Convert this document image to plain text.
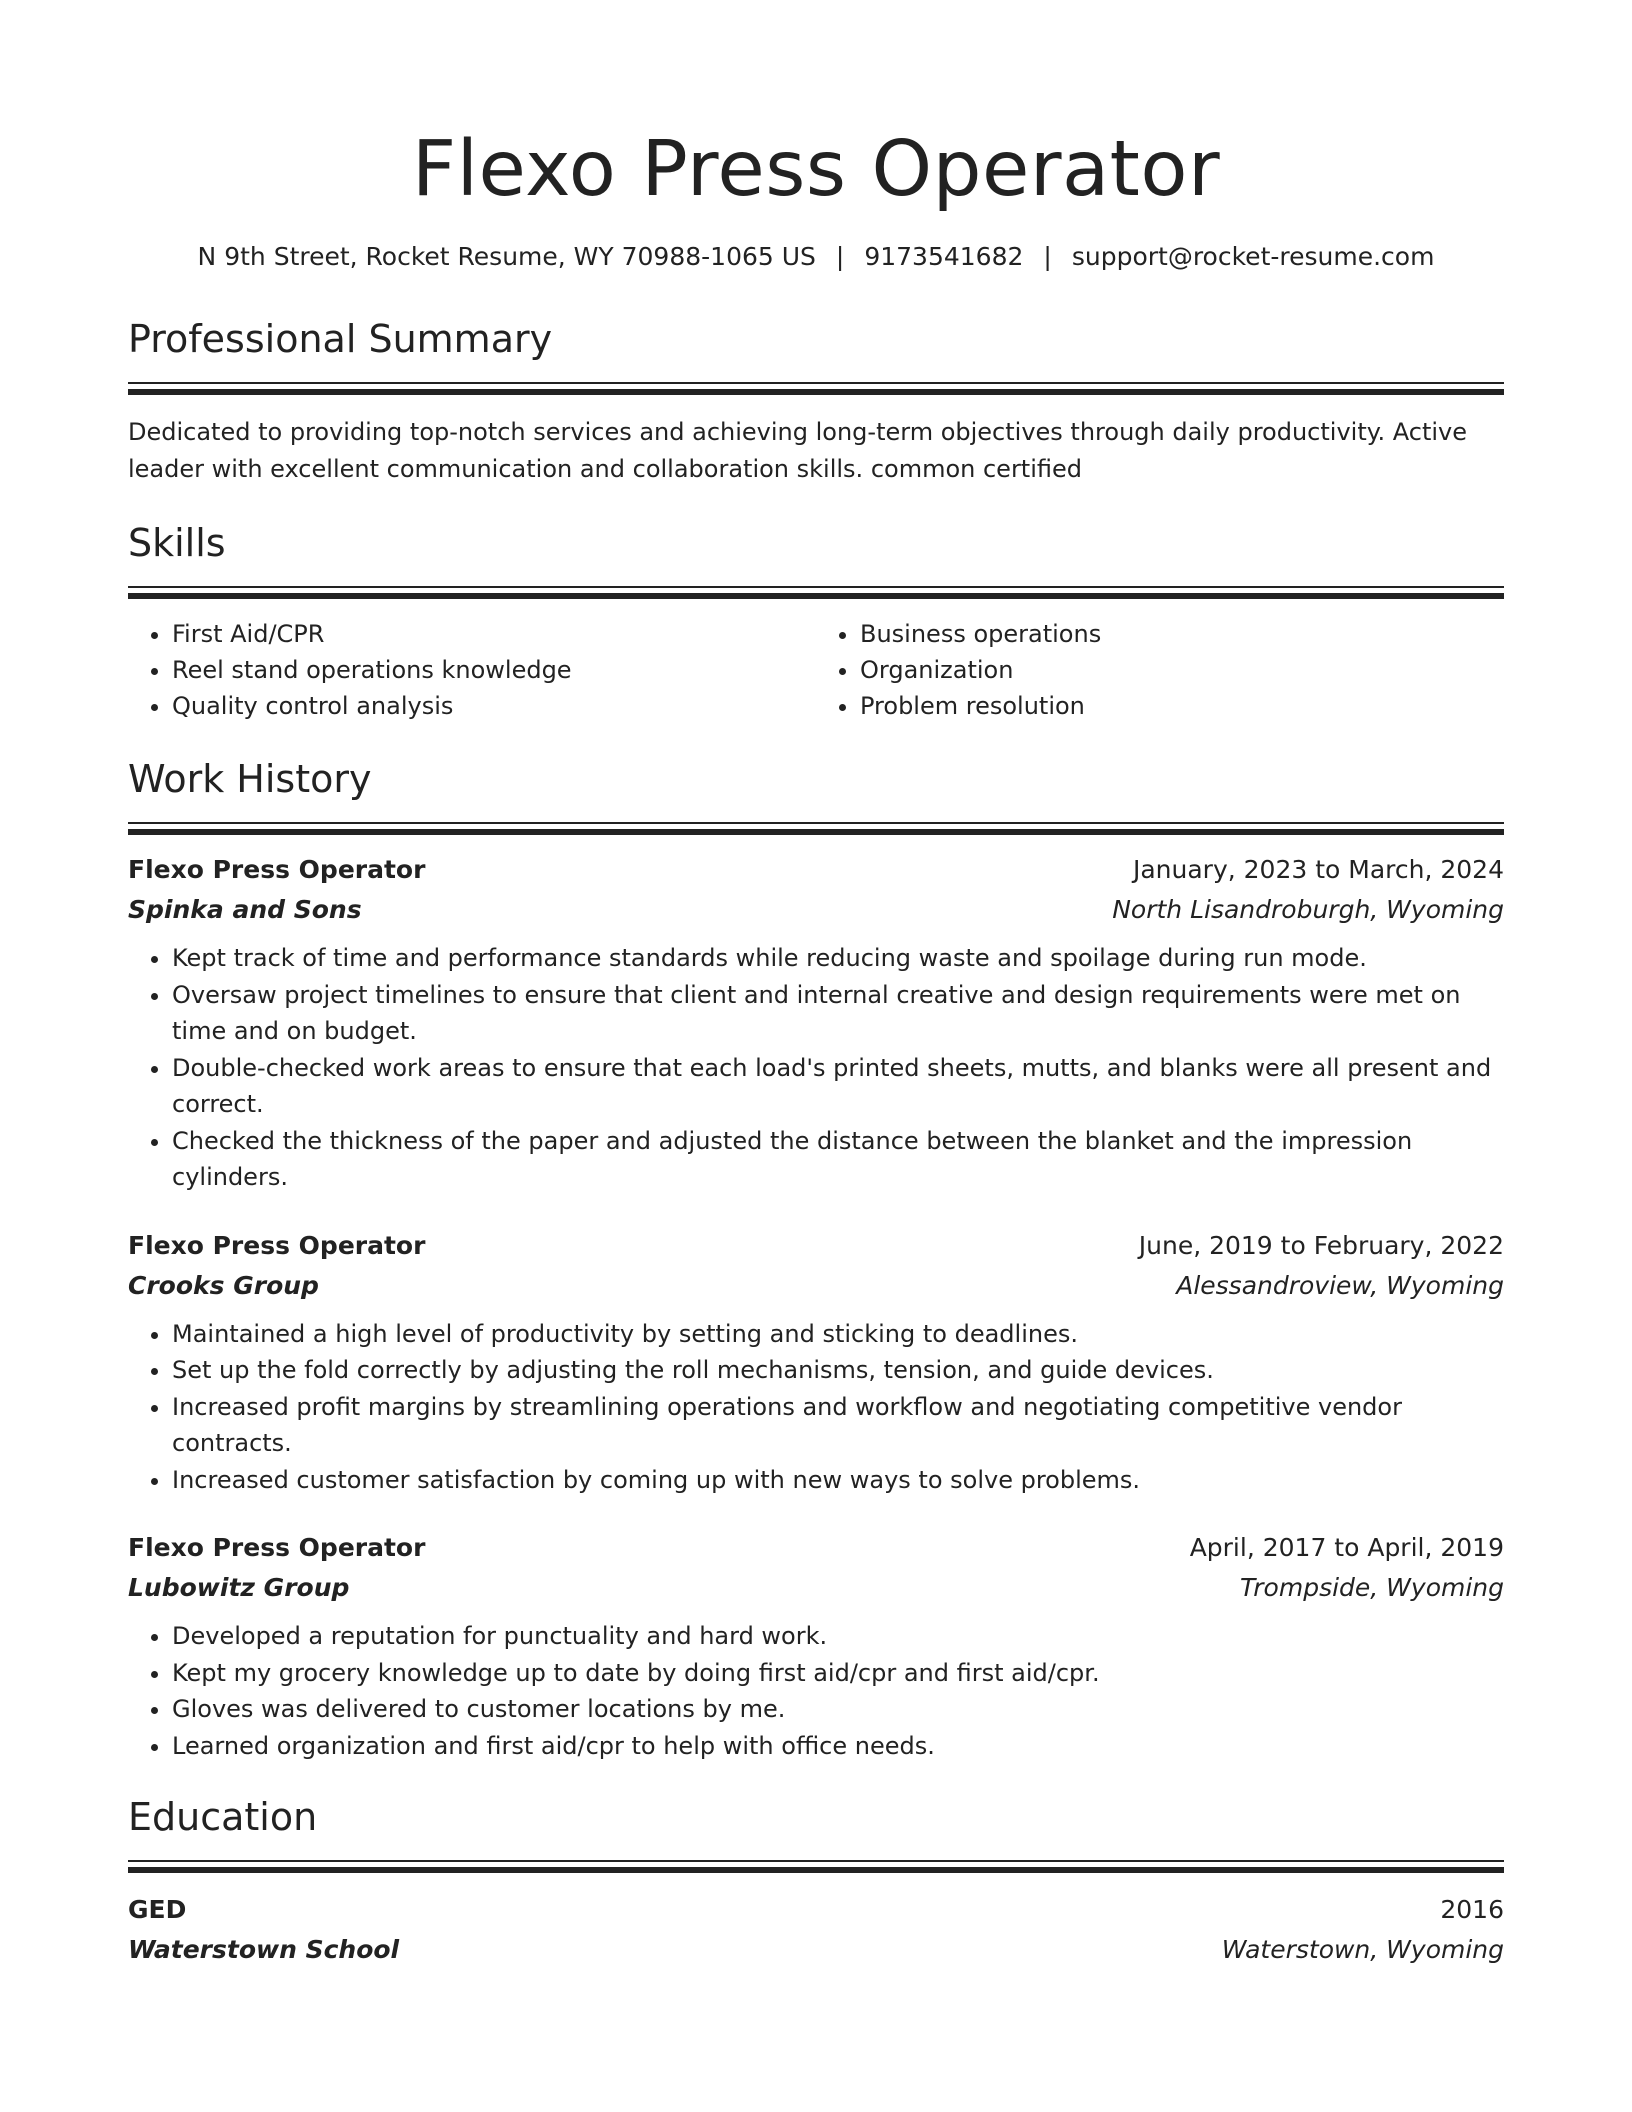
Flexo Press Operator
N 9th Street, Rocket Resume, WY 70988-1065 US | 9173541682 | support@rocket-resume.com
Professional Summary
Dedicated to providing top-notch services and achieving long-term objectives through daily productivity. Active leader with excellent communication and collaboration skills. common certified
Skills
• First Aid/CPR
• Reel stand operations knowledge
• Quality control analysis
• Business operations
• Organization
• Problem resolution
Work History
Flexo Press Operator	January, 2023 to March, 2024
Spinka and Sons	North Lisandroburgh, Wyoming
• Kept track of time and performance standards while reducing waste and spoilage during run mode.
• Oversaw project timelines to ensure that client and internal creative and design requirements were met on time and on budget.
• Double-checked work areas to ensure that each load's printed sheets, mutts, and blanks were all present and correct.
• Checked the thickness of the paper and adjusted the distance between the blanket and the impression cylinders.
Flexo Press Operator	June, 2019 to February, 2022
Crooks Group	Alessandroview, Wyoming
• Maintained a high level of productivity by setting and sticking to deadlines.
• Set up the fold correctly by adjusting the roll mechanisms, tension, and guide devices.
• Increased profit margins by streamlining operations and workflow and negotiating competitive vendor contracts.
• Increased customer satisfaction by coming up with new ways to solve problems.
Flexo Press Operator	April, 2017 to April, 2019
Lubowitz Group	Trompside, Wyoming
• Developed a reputation for punctuality and hard work.
• Kept my grocery knowledge up to date by doing first aid/cpr and first aid/cpr.
• Gloves was delivered to customer locations by me.
• Learned organization and first aid/cpr to help with office needs.
Education
GED	2016
Waterstown School	Waterstown, Wyoming
